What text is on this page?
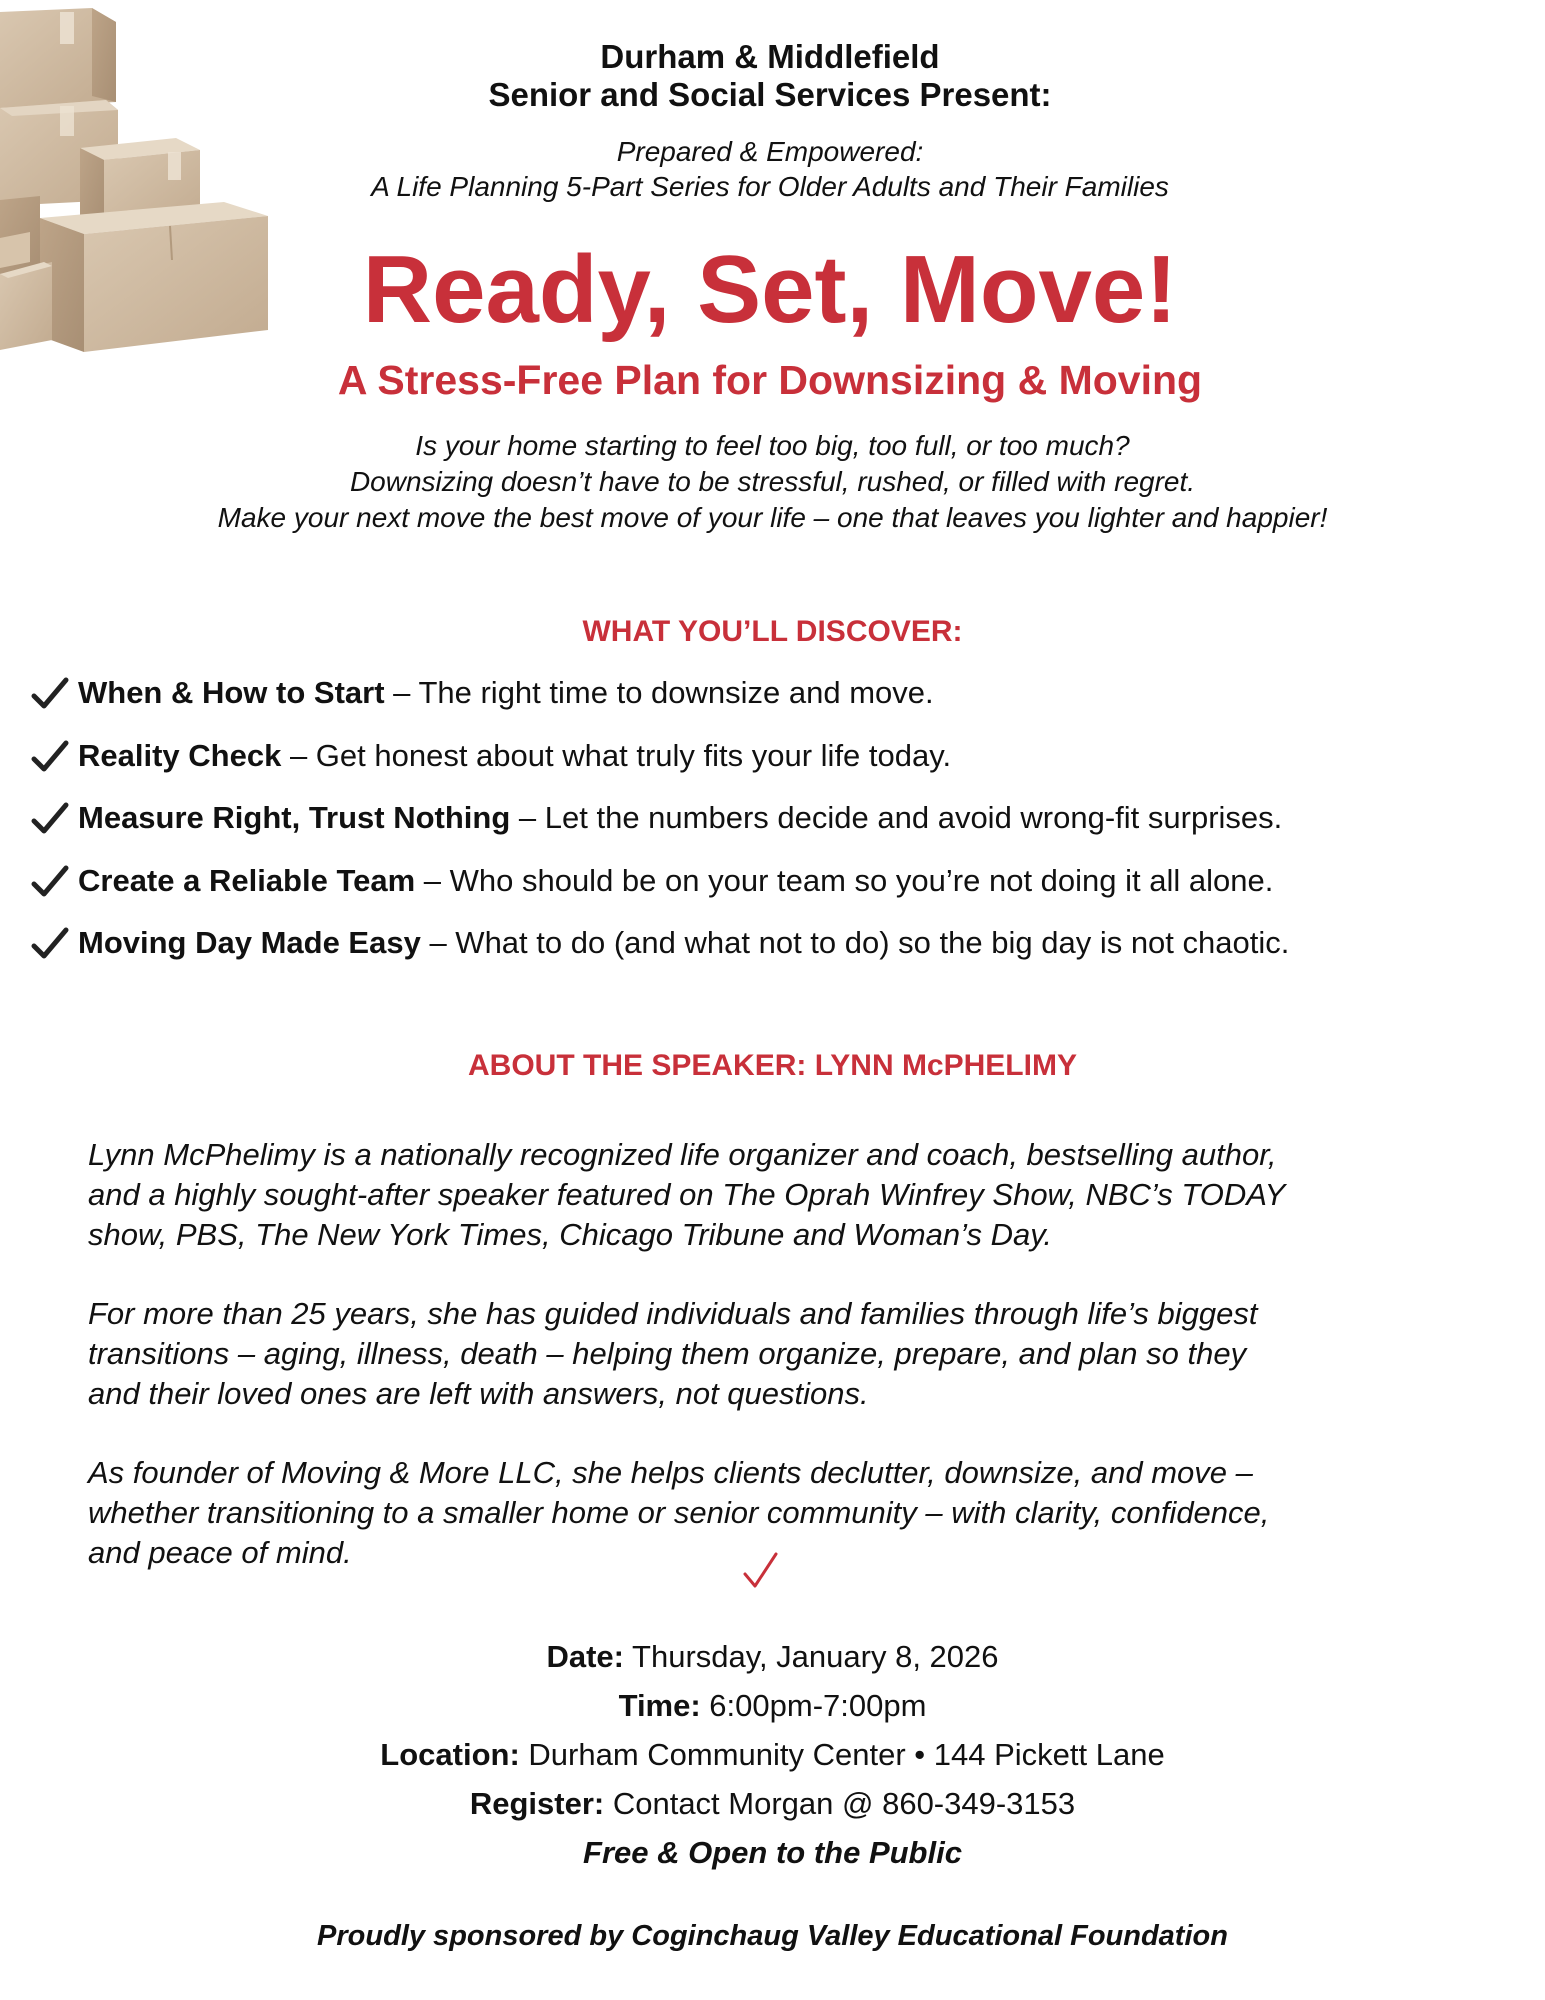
Durham & Middlefield
Senior and Social Services Present:
Prepared & Empowered:
A Life Planning 5-Part Series for Older Adults and Their Families
Ready, Set, Move!
A Stress-Free Plan for Downsizing & Moving
Is your home starting to feel too big, too full, or too much?
Downsizing doesn’t have to be stressful, rushed, or filled with regret.
Make your next move the best move of your life – one that leaves you lighter and happier!
WHAT YOU’LL DISCOVER:
When & How to Start – The right time to downsize and move.
Reality Check – Get honest about what truly fits your life today.
Measure Right, Trust Nothing – Let the numbers decide and avoid wrong-fit surprises.
Create a Reliable Team – Who should be on your team so you’re not doing it all alone.
Moving Day Made Easy – What to do (and what not to do) so the big day is not chaotic.
ABOUT THE SPEAKER: LYNN McPHELIMY

Lynn McPhelimy is a nationally recognized life organizer and coach, bestselling author,
and a highly sought-after speaker featured on The Oprah Winfrey Show, NBC’s TODAY
show, PBS, The New York Times, Chicago Tribune and Woman’s Day.

For more than 25 years, she has guided individuals and families through life’s biggest
transitions – aging, illness, death – helping them organize, prepare, and plan so they
and their loved ones are left with answers, not questions.

As founder of Moving & More LLC, she helps clients declutter, downsize, and move –
whether transitioning to a smaller home or senior community – with clarity, confidence,
and peace of mind.

Date: Thursday, January 8, 2026
Time: 6:00pm-7:00pm
Location: Durham Community Center • 144 Pickett Lane
Register: Contact Morgan @ 860-349-3153
Free & Open to the Public
Proudly sponsored by Coginchaug Valley Educational Foundation
